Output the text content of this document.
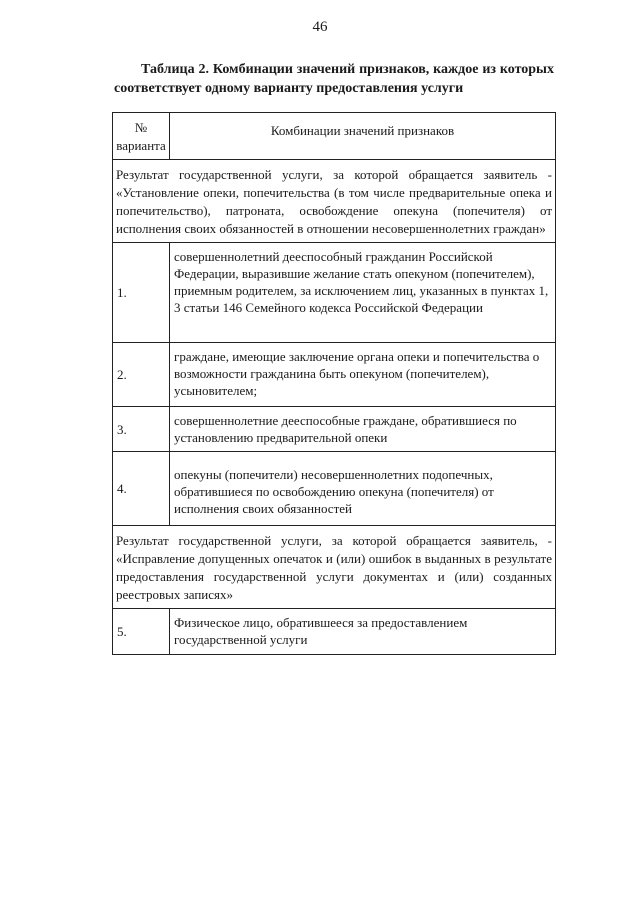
46
Таблица 2. Комбинации значений признаков, каждое из которых
соответствует одному варианту предоставления услуги
№
варианта	Комбинации значений признаков
Результат государственной услуги, за которой обращается заявитель - «Установление опеки, попечительства (в том числе предварительные опека и попечительство), патроната, освобождение опекуна (попечителя) от исполнения своих обязанностей в отношении несовершеннолетних граждан»	
1.	совершеннолетний дееспособный гражданин Российской Федерации, выразившие желание стать опекуном (попечителем), приемным родителем, за исключением лиц, указанных в пунктах 1, 3 статьи 146 Семейного кодекса Российской Федерации
2.	граждане, имеющие заключение органа опеки и попечительства о возможности гражданина быть опекуном (попечителем), усыновителем;
3.	совершеннолетние дееспособные граждане, обратившиеся по установлению предварительной опеки
4.	опекуны (попечители) несовершеннолетних подопечных, обратившиеся по освобождению опекуна (попечителя) от исполнения своих обязанностей
Результат государственной услуги, за которой обращается заявитель, - «Исправление допущенных опечаток и (или) ошибок в выданных в результате предоставления государственной услуги документах и (или) созданных реестровых записях»	
5.	Физическое лицо, обратившееся за предоставлением государственной услуги
